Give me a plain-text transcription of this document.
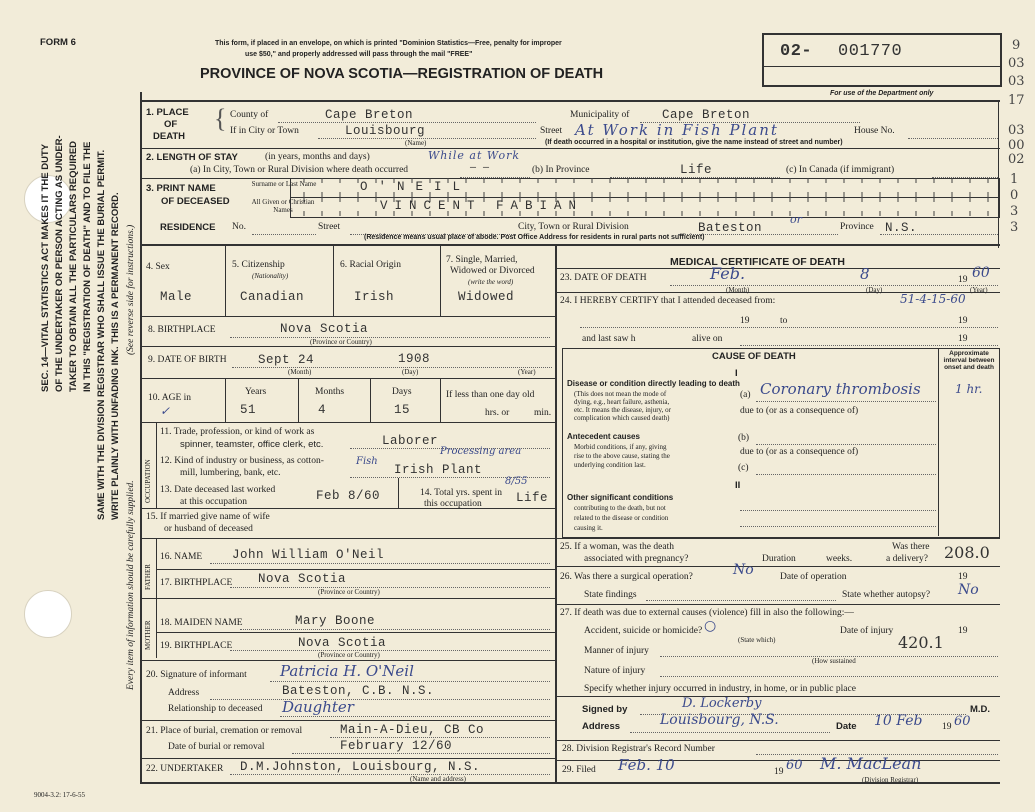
FORM 6	This form, if placed in an envelope, on which is printed "Dominion Statistics—Free, penalty for improper
use $50," and properly addressed will pass through the mail "FREE"
PROVINCE OF NOVA SCOTIA—REGISTRATION OF DEATH
02- 001770
For use of the Department only
9
03
03
17
03
00
02
1
0
3
3
SEC. 14—VITAL STATISTICS ACT MAKES IT THE DUTY OF THE UNDERTAKER OR PERSON ACTING AS UNDER- TAKER TO OBTAIN ALL THE PARTICULARS REQUIRED IN THIS "REGISTRATION OF DEATH" AND TO FILE THE SAME WITH THE DIVISION REGISTRAR WHO SHALL ISSUE THE BURIAL PERMIT. WRITE PLAINLY WITH UNFADING INK. THIS IS A PERMANENT RECORD.
Every item of information should be carefully supplied.
(See reverse side for instructions.)
9004-3.2: 17-6-55
1. PLACE
OF
DEATH
{ County of	Cape Breton	Municipality of	Cape Breton
If in City or Town	Louisbourg
(Name)
Street At Work in Fish Plant	House No.
(If death occurred in a hospital or institution, give the name instead of street and number)
2. LENGTH OF STAY	(in years, months and days)	While at Work
(a) In City, Town or Rural Division where death occurred	— —	(b) In Province	Life	(c) In Canada (if immigrant)
3. PRINT NAME
OF DECEASED
Surname or Last Name
All Given or Christian Names
O'NEIL
VINCENT FABIAN
RESIDENCE No.	Street	City, Town or Rural Division	Bateston
or
Province N.S.
(Residence means usual place of abode. Post Office Address for residents in rural parts not sufficient)
4. Sex
Male
5. Citizenship
(Nationality)
Canadian
6. Racial Origin
Irish
7. Single, Married,
Widowed or Divorced
(write the word)
Widowed
8. BIRTHPLACE	Nova Scotia
(Province or Country)
9. DATE OF BIRTH	Sept 24	1908
(Month)	(Day)	(Year)
10. AGE in
Years	Months	Days
51	4	15
If less than one day old
hrs. or	min.
✓
OCCUPATION
11. Trade, profession, or kind of work as
spinner, teamster, office clerk, etc.	Laborer
Processing area
12. Kind of industry or business, as cotton-
mill, lumbering, bank, etc.
Fish
Irish Plant
13. Date deceased last worked
at this occupation	Feb 8/60	14. Total yrs. spent in
this occupation
8/55
Life
15. If married give name of wife
or husband of deceased
FATHER
MOTHER
16. NAME John William O'Neil
17. BIRTHPLACE Nova Scotia
(Province or Country)
18. MAIDEN NAME	Mary Boone
19. BIRTHPLACE	Nova Scotia
(Province or Country)
20. Signature of informant Patricia H. O'Neil
Address	Bateston, C.B. N.S.
Relationship to deceased Daughter
21. Place of burial, cremation or removal	Main-A-Dieu, CB Co
Date of burial or removal	February 12/60
22. UNDERTAKER D.M.Johnston, Louisbourg, N.S.
(Name and address)
MEDICAL CERTIFICATE OF DEATH
23. DATE OF DEATH	Feb.	8	19 60
(Month)	(Day)	(Year)
24. I HEREBY CERTIFY that I attended deceased from:	51-4-15-60
19	to	19
and last saw h	alive on	19
CAUSE OF DEATH	Approximate interval between onset and death
I
Disease or condition directly leading to death
(This does not mean the mode of
dying, e.g., heart failure, asthenia,
etc. It means the disease, injury, or
complication which caused death)
(a) Coronary thrombosis	1 hr.
due to (or as a consequence of)
Antecedent causes
Morbid conditions, if any, giving
rise to the above cause, stating the
underlying condition last.
(b)
due to (or as a consequence of)
(c)
II
Other significant conditions
contributing to the death, but not
related to the disease or condition
causing it.
25. If a woman, was the death
associated with pregnancy?	Duration	weeks.
Was there
a delivery? 208.0
26. Was there a surgical operation?	No	Date of operation	19
State findings	State whether autopsy? No
27. If death was due to external causes (violence) fill in also the following:—
Accident, suicide or homicide? ○
(State which)
Date of injury	19
Manner of injury	420.1
(How sustained
Nature of injury
Specify whether injury occurred in industry, in home, or in public place
Signed by	D. Lockerby	M.D.
Address	Louisbourg, N.S.	Date 10 Feb 19 60
28. Division Registrar's Record Number
29. Filed Feb. 10	19 60 M. MacLean
(Division Registrar)
